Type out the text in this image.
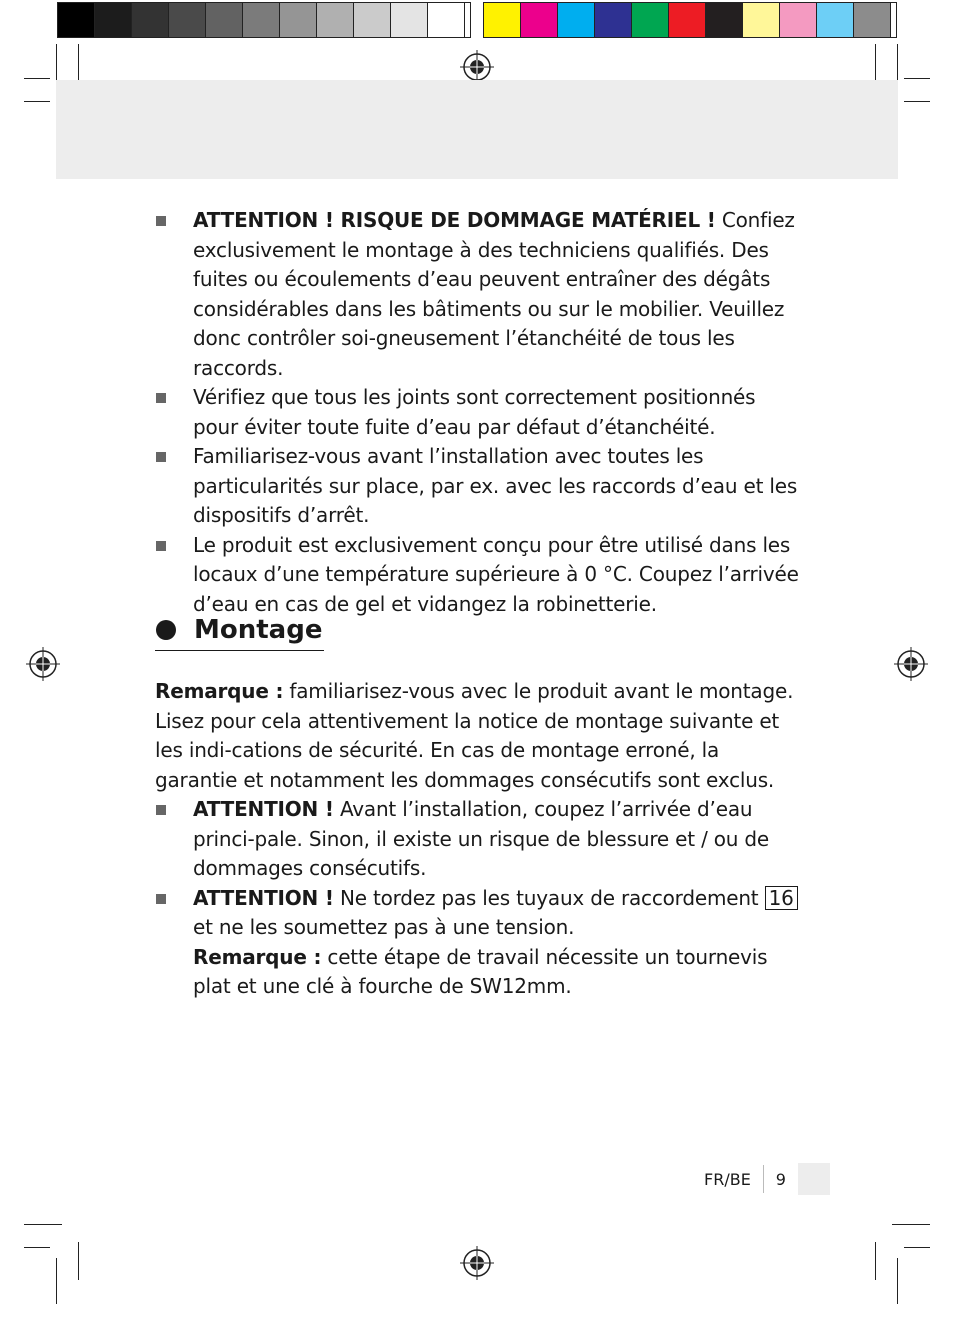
ATTENTION ! RISQUE DE DOMMAGE MATÉRIEL ! Confiez exclusivement le montage à des techniciens qualifiés. Des fuites ou écoulements d’eau peuvent entraîner des dégâts considérables dans les bâtiments ou sur le mobilier. Veuillez donc contrôler soi-gneusement l’étanchéité de tous les raccords.
Vérifiez que tous les joints sont correctement positionnés pour éviter toute fuite d’eau par défaut d’étanchéité.
Familiarisez-vous avant l’installation avec toutes les particularités sur place, par ex. avec les raccords d’eau et les dispositifs d’arrêt.
Le produit est exclusivement conçu pour être utilisé dans les locaux d’une température supérieure à 0 °C. Coupez l’arrivée d’eau en cas de gel et vidangez la robinetterie.
Montage

Remarque : familiarisez-vous avec le produit avant le montage. Lisez pour cela attentivement la notice de montage suivante et les indi-cations de sécurité. En cas de montage erroné, la garantie et notamment les dommages consécutifs sont exclus.

ATTENTION ! Avant l’installation, coupez l’arrivée d’eau princi-pale. Sinon, il existe un risque de blessure et / ou de dommages consécutifs.
ATTENTION ! Ne tordez pas les tuyaux de raccordement 16 et ne les soumettez pas à une tension.
Remarque : cette étape de travail nécessite un tournevis plat et une clé à fourche de SW12mm.
FR/BE 9
